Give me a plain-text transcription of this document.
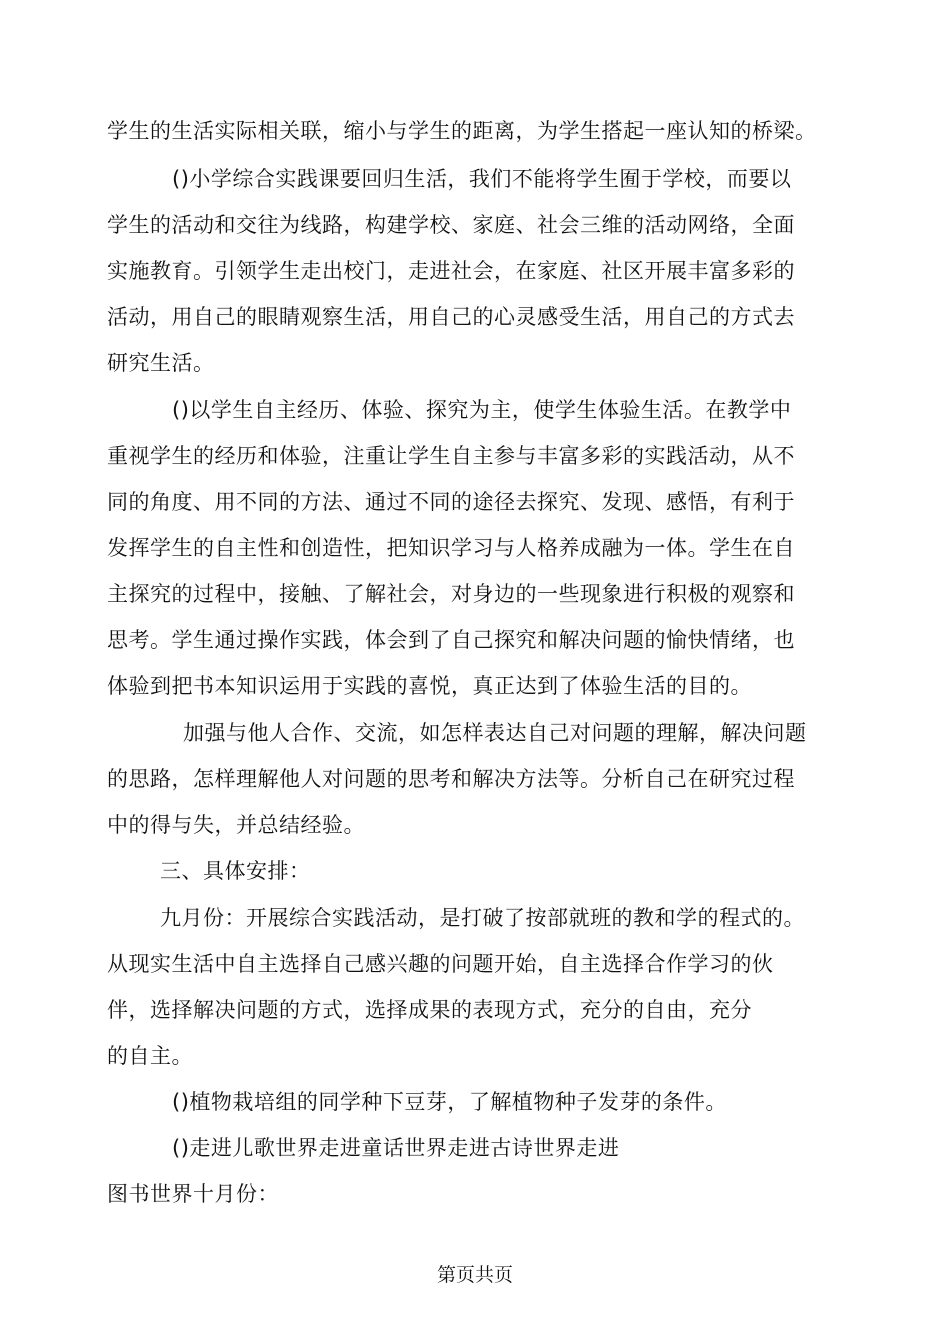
学生的生活实际相关联，缩小与学生的距离，为学生搭起一座认知的桥梁。
()小学综合实践课要回归生活，我们不能将学生囿于学校，而要以
学生的活动和交往为线路，构建学校、家庭、社会三维的活动网络，全面
实施教育。引领学生走出校门，走进社会，在家庭、社区开展丰富多彩的
活动，用自己的眼睛观察生活，用自己的心灵感受生活，用自己的方式去
研究生活。
()以学生自主经历、体验、探究为主，使学生体验生活。在教学中
重视学生的经历和体验，注重让学生自主参与丰富多彩的实践活动，从不
同的角度、用不同的方法、通过不同的途径去探究、发现、感悟，有利于
发挥学生的自主性和创造性，把知识学习与人格养成融为一体。学生在自
主探究的过程中，接触、了解社会，对身边的一些现象进行积极的观察和
思考。学生通过操作实践，体会到了自己探究和解决问题的愉快情绪，也
体验到把书本知识运用于实践的喜悦，真正达到了体验生活的目的。
加强与他人合作、交流，如怎样表达自己对问题的理解，解决问题
的思路，怎样理解他人对问题的思考和解决方法等。分析自己在研究过程
中的得与失，并总结经验。
三、具体安排：
九月份：开展综合实践活动，是打破了按部就班的教和学的程式的。
从现实生活中自主选择自己感兴趣的问题开始，自主选择合作学习的伙
伴，选择解决问题的方式，选择成果的表现方式，充分的自由，充分
的自主。
()植物栽培组的同学种下豆芽，了解植物种子发芽的条件。
()走进儿歌世界走进童话世界走进古诗世界走进
图书世界十月份：
第页共页
